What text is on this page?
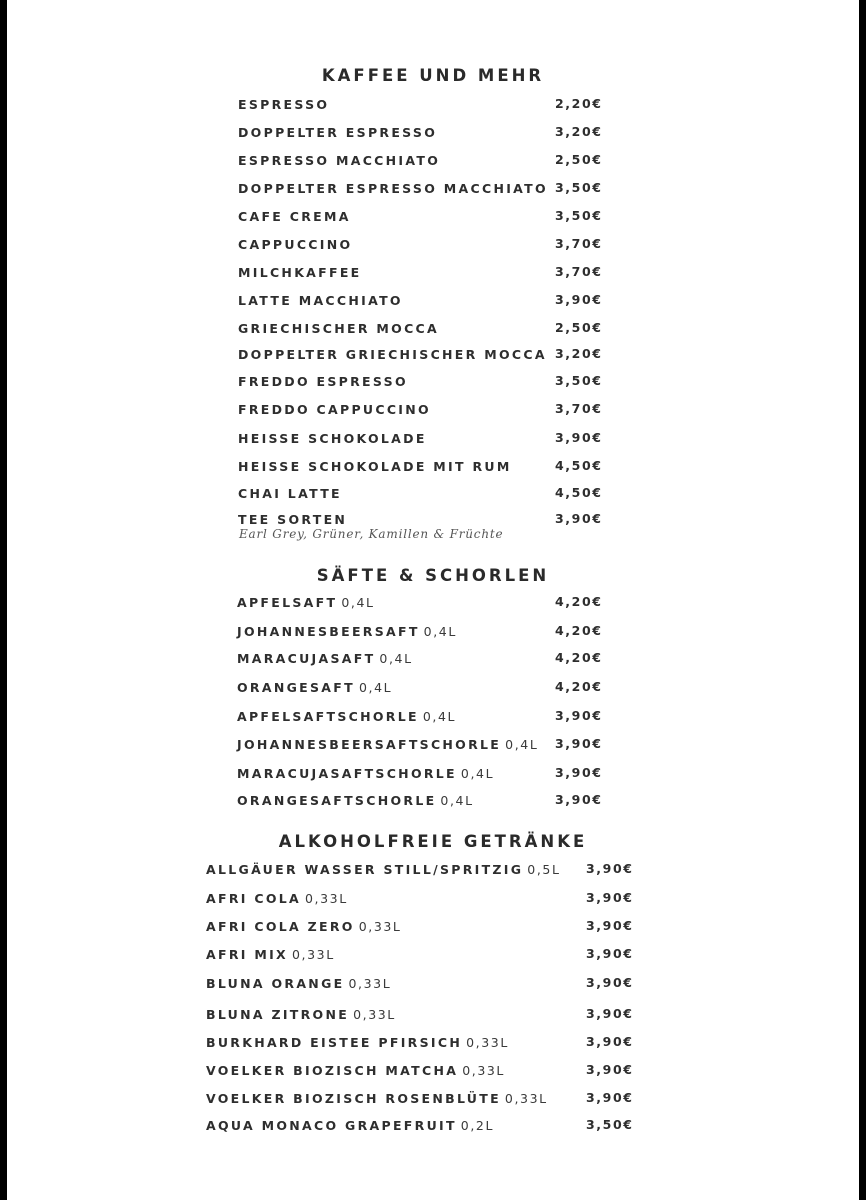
KAFFEE UND MEHR
ESPRESSO	2,20€
DOPPELTER ESPRESSO	3,20€
ESPRESSO MACCHIATO	2,50€
DOPPELTER ESPRESSO MACCHIATO 3,50€
CAFE CREMA	3,50€
CAPPUCCINO	3,70€
MILCHKAFFEE	3,70€
LATTE MACCHIATO	3,90€
GRIECHISCHER MOCCA	2,50€
DOPPELTER GRIECHISCHER MOCCA 3,20€
FREDDO ESPRESSO	3,50€
FREDDO CAPPUCCINO	3,70€
HEISSE SCHOKOLADE	3,90€
HEISSE SCHOKOLADE MIT RUM	4,50€
CHAI LATTE	4,50€
TEE SORTEN	3,90€
Earl Grey, Grüner, Kamillen & Früchte
SÄFTE & SCHORLEN
APFELSAFT 0,4L	4,20€
JOHANNESBEERSAFT 0,4L	4,20€
MARACUJASAFT 0,4L	4,20€
ORANGESAFT 0,4L	4,20€
APFELSAFTSCHORLE 0,4L	3,90€
JOHANNESBEERSAFTSCHORLE 0,4L 3,90€
MARACUJASAFTSCHORLE 0,4L	3,90€
ORANGESAFTSCHORLE 0,4L	3,90€
ALKOHOLFREIE GETRÄNKE
ALLGÄUER WASSER STILL/SPRITZIG 0,5L 3,90€
AFRI COLA 0,33L	3,90€
AFRI COLA ZERO 0,33L	3,90€
AFRI MIX 0,33L	3,90€
BLUNA ORANGE 0,33L	3,90€
BLUNA ZITRONE 0,33L	3,90€
BURKHARD EISTEE PFIRSICH 0,33L	3,90€
VOELKER BIOZISCH MATCHA 0,33L	3,90€
VOELKER BIOZISCH ROSENBLÜTE 0,33L	3,90€
AQUA MONACO GRAPEFRUIT 0,2L	3,50€
